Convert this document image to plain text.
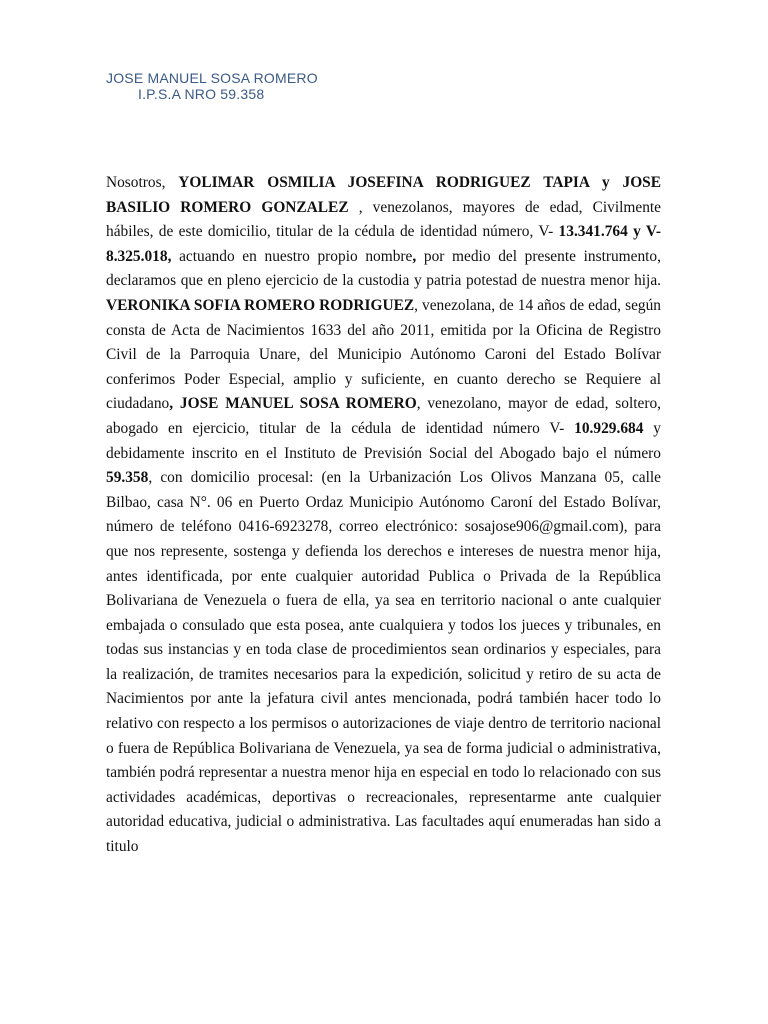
JOSE MANUEL SOSA ROMERO
I.P.S.A NRO 59.358
Nosotros, YOLIMAR OSMILIA JOSEFINA RODRIGUEZ TAPIA y JOSE BASILIO ROMERO GONZALEZ , venezolanos, mayores de edad, Civilmente hábiles, de este domicilio, titular de la cédula de identidad número, V- 13.341.764 y V- 8.325.018, actuando en nuestro propio nombre, por medio del presente instrumento, declaramos que en pleno ejercicio de la custodia y patria potestad de nuestra menor hija. VERONIKA SOFIA ROMERO RODRIGUEZ, venezolana, de 14 años de edad, según consta de Acta de Nacimientos 1633 del año 2011, emitida por la Oficina de Registro Civil de la Parroquia Unare, del Municipio Autónomo Caroni del Estado Bolívar conferimos Poder Especial, amplio y suficiente, en cuanto derecho se Requiere al ciudadano, JOSE MANUEL SOSA ROMERO, venezolano, mayor de edad, soltero, abogado en ejercicio, titular de la cédula de identidad número V- 10.929.684 y debidamente inscrito en el Instituto de Previsión Social del Abogado bajo el número 59.358, con domicilio procesal: (en la Urbanización Los Olivos Manzana 05, calle Bilbao, casa N°. 06 en Puerto Ordaz Municipio Autónomo Caroní del Estado Bolívar, número de teléfono 0416-6923278, correo electrónico: sosajose906@gmail.com), para que nos represente, sostenga y defienda los derechos e intereses de nuestra menor hija, antes identificada, por ente cualquier autoridad Publica o Privada de la República Bolivariana de Venezuela o fuera de ella, ya sea en territorio nacional o ante cualquier embajada o consulado que esta posea, ante cualquiera y todos los jueces y tribunales, en todas sus instancias y en toda clase de procedimientos sean ordinarios y especiales, para la realización, de tramites necesarios para la expedición, solicitud y retiro de su acta de Nacimientos por ante la jefatura civil antes mencionada, podrá también hacer todo lo relativo con respecto a los permisos o autorizaciones de viaje dentro de territorio nacional o fuera de República Bolivariana de Venezuela, ya sea de forma judicial o administrativa, también podrá representar a nuestra menor hija en especial en todo lo relacionado con sus actividades académicas, deportivas o recreacionales, representarme ante cualquier autoridad educativa, judicial o administrativa. Las facultades aquí enumeradas han sido a titulo
